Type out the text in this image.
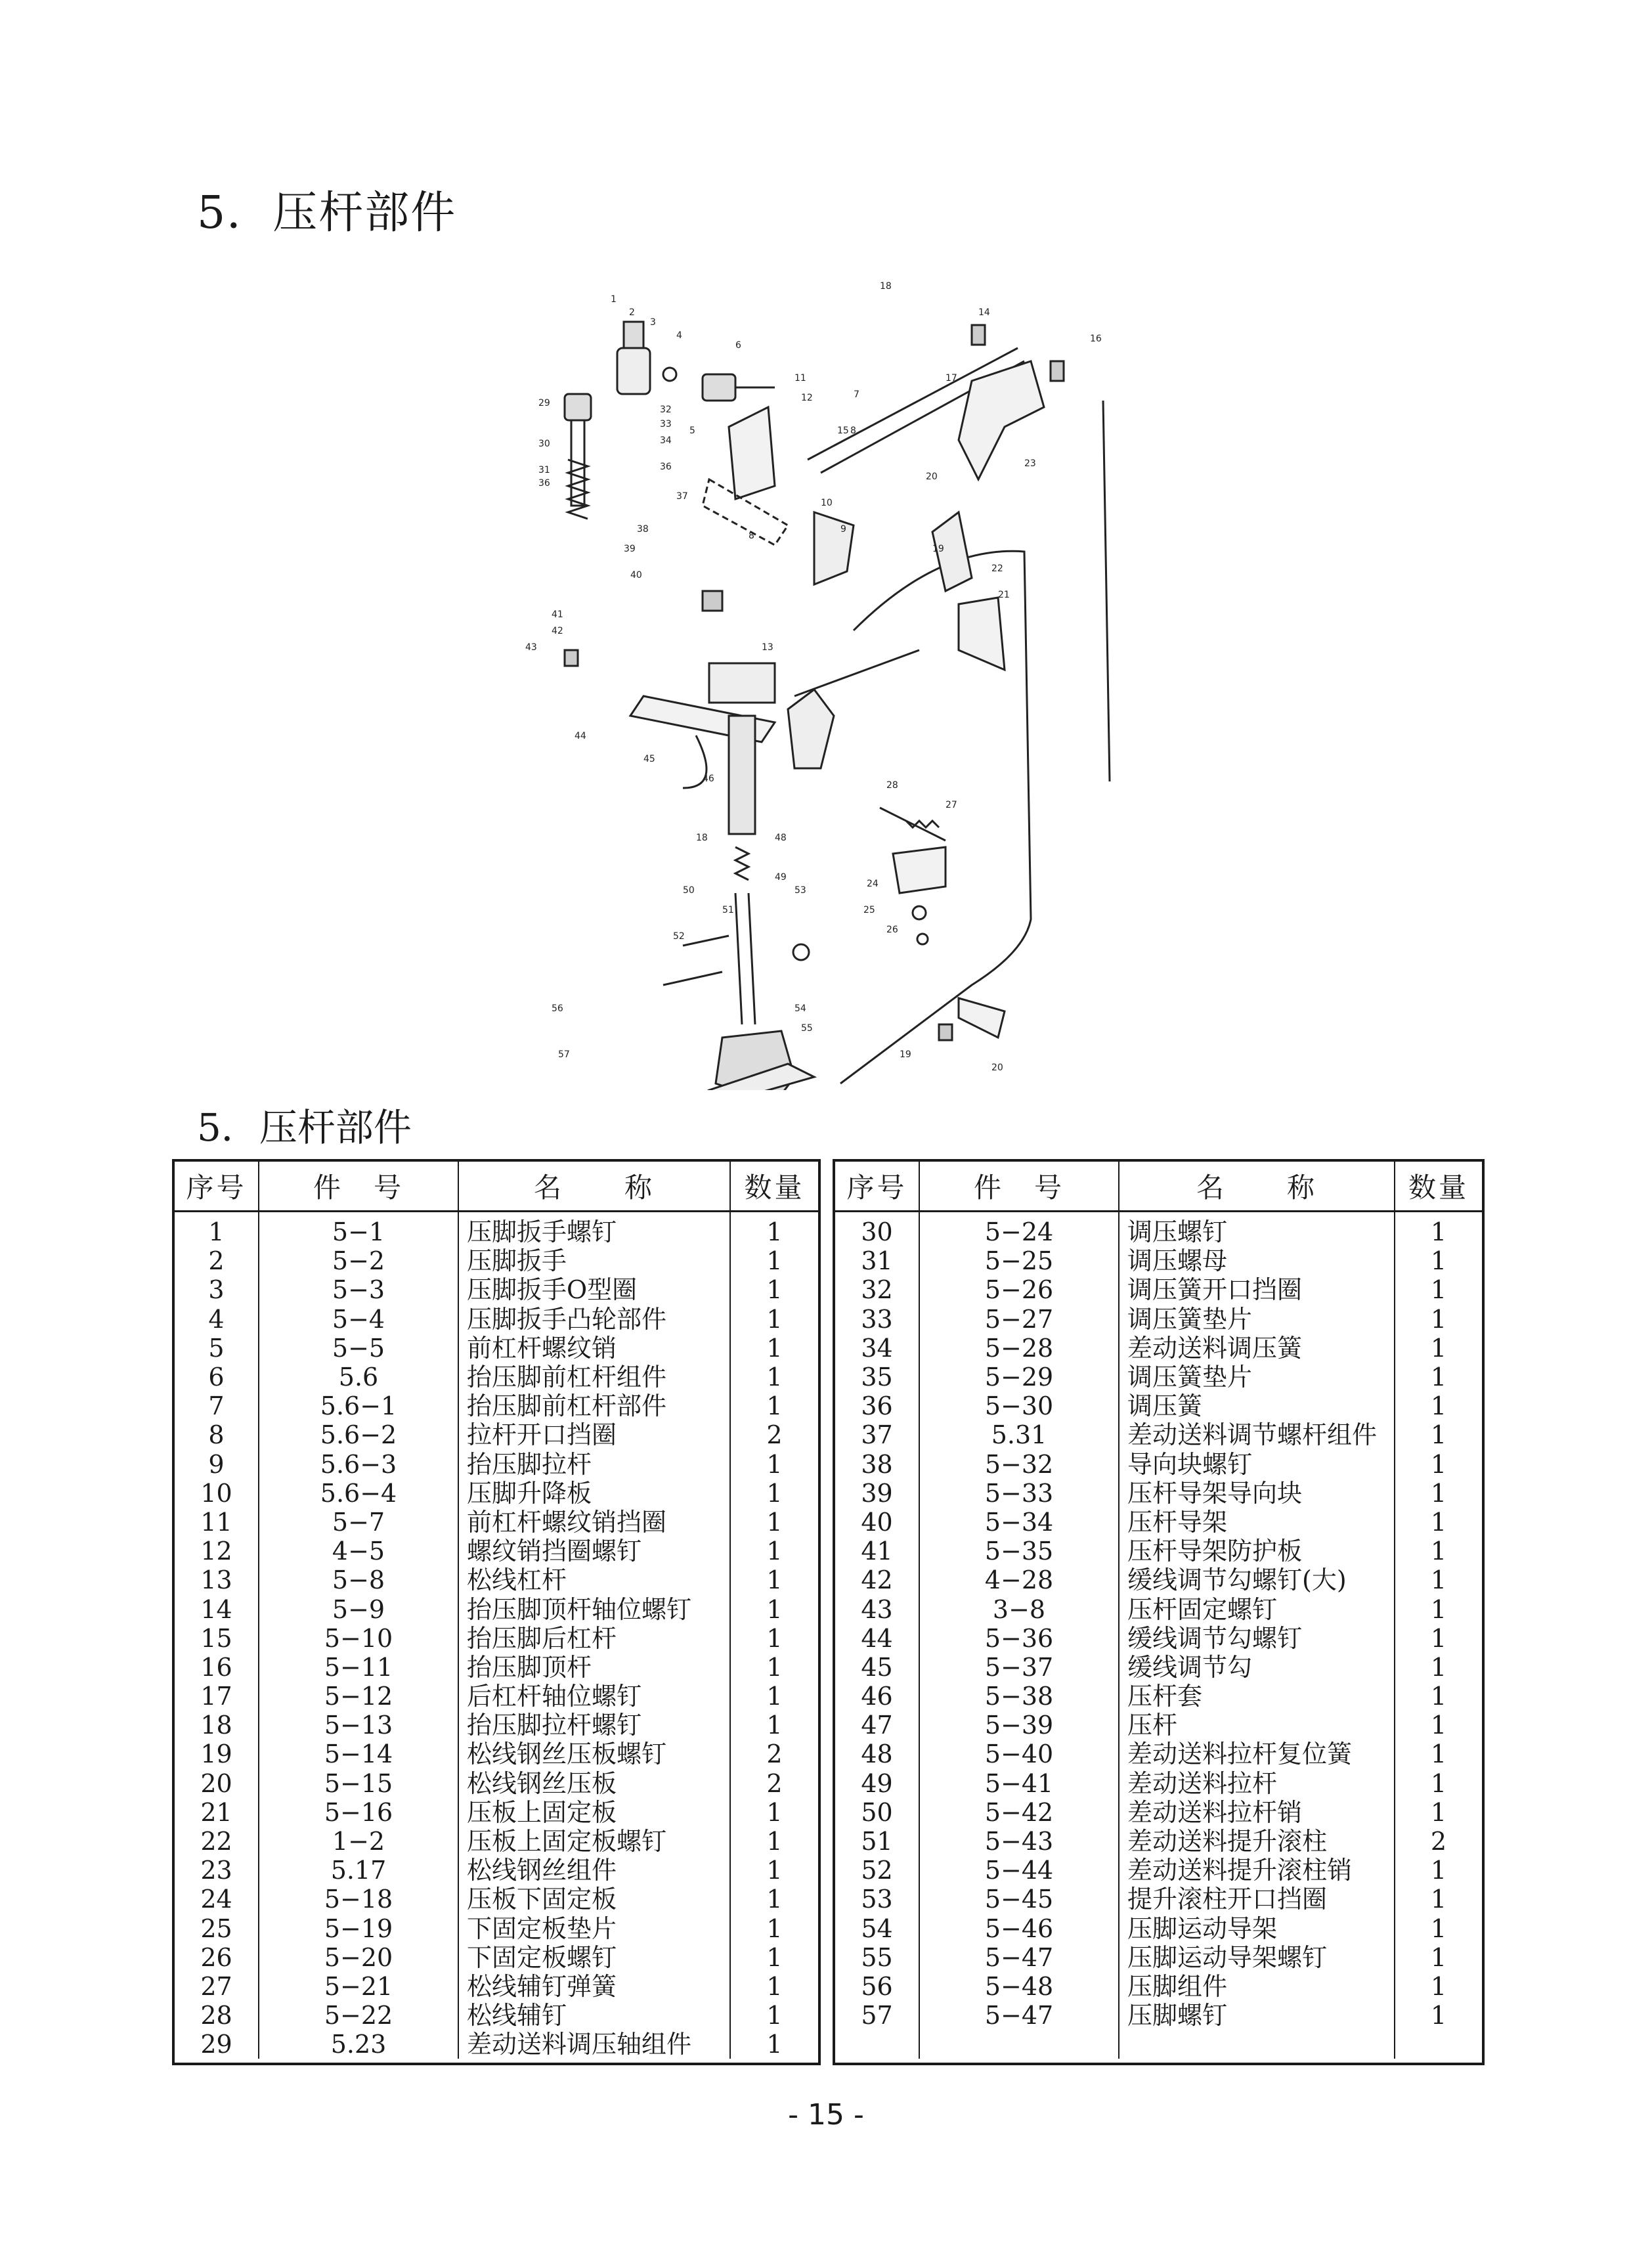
5．压杆部件
1
2
3
4
5
6
11
12	7
8
10
9
18
14
16
17
19
20
21
22
23
24
25
26
27
28
29
30
31
32
33
34
36
36
37
38
39
40
41
42
43
44
45
46
18	48
49
50
51
52
53
54
55
56
57	19
20
13
15
8
5．压杆部件
序号	件　号	名　　称	数量
1	5−1	压脚扳手螺钉	1
2	5−2	压脚扳手	1
3	5−3	压脚扳手O型圈	1
4	5−4	压脚扳手凸轮部件	1
5	5−5	前杠杆螺纹销	1
6	5.6	抬压脚前杠杆组件	1
7	5.6−1	抬压脚前杠杆部件	1
8	5.6−2	拉杆开口挡圈	2
9	5.6−3	抬压脚拉杆	1
10	5.6−4	压脚升降板	1
11	5−7	前杠杆螺纹销挡圈	1
12	4−5	螺纹销挡圈螺钉	1
13	5−8	松线杠杆	1
14	5−9	抬压脚顶杆轴位螺钉	1
15	5−10	抬压脚后杠杆	1
16	5−11	抬压脚顶杆	1
17	5−12	后杠杆轴位螺钉	1
18	5−13	抬压脚拉杆螺钉	1
19	5−14	松线钢丝压板螺钉	2
20	5−15	松线钢丝压板	2
21	5−16	压板上固定板	1
22	1−2	压板上固定板螺钉	1
23	5.17	松线钢丝组件	1
24	5−18	压板下固定板	1
25	5−19	下固定板垫片	1
26	5−20	下固定板螺钉	1
27	5−21	松线辅钉弹簧	1
28	5−22	松线辅钉	1
29	5.23	差动送料调压轴组件	1
序号	件　号	名　　称	数量
30	5−24	调压螺钉	1
31	5−25	调压螺母	1
32	5−26	调压簧开口挡圈	1
33	5−27	调压簧垫片	1
34	5−28	差动送料调压簧	1
35	5−29	调压簧垫片	1
36	5−30	调压簧	1
37	5.31	差动送料调节螺杆组件	1
38	5−32	导向块螺钉	1
39	5−33	压杆导架导向块	1
40	5−34	压杆导架	1
41	5−35	压杆导架防护板	1
42	4−28	缓线调节勾螺钉(大)	1
43	3−8	压杆固定螺钉	1
44	5−36	缓线调节勾螺钉	1
45	5−37	缓线调节勾	1
46	5−38	压杆套	1
47	5−39	压杆	1
48	5−40	差动送料拉杆复位簧	1
49	5−41	差动送料拉杆	1
50	5−42	差动送料拉杆销	1
51	5−43	差动送料提升滚柱	2
52	5−44	差动送料提升滚柱销	1
53	5−45	提升滚柱开口挡圈	1
54	5−46	压脚运动导架	1
55	5−47	压脚运动导架螺钉	1
56	5−48	压脚组件	1
57	5−47	压脚螺钉	1

- 15 -
